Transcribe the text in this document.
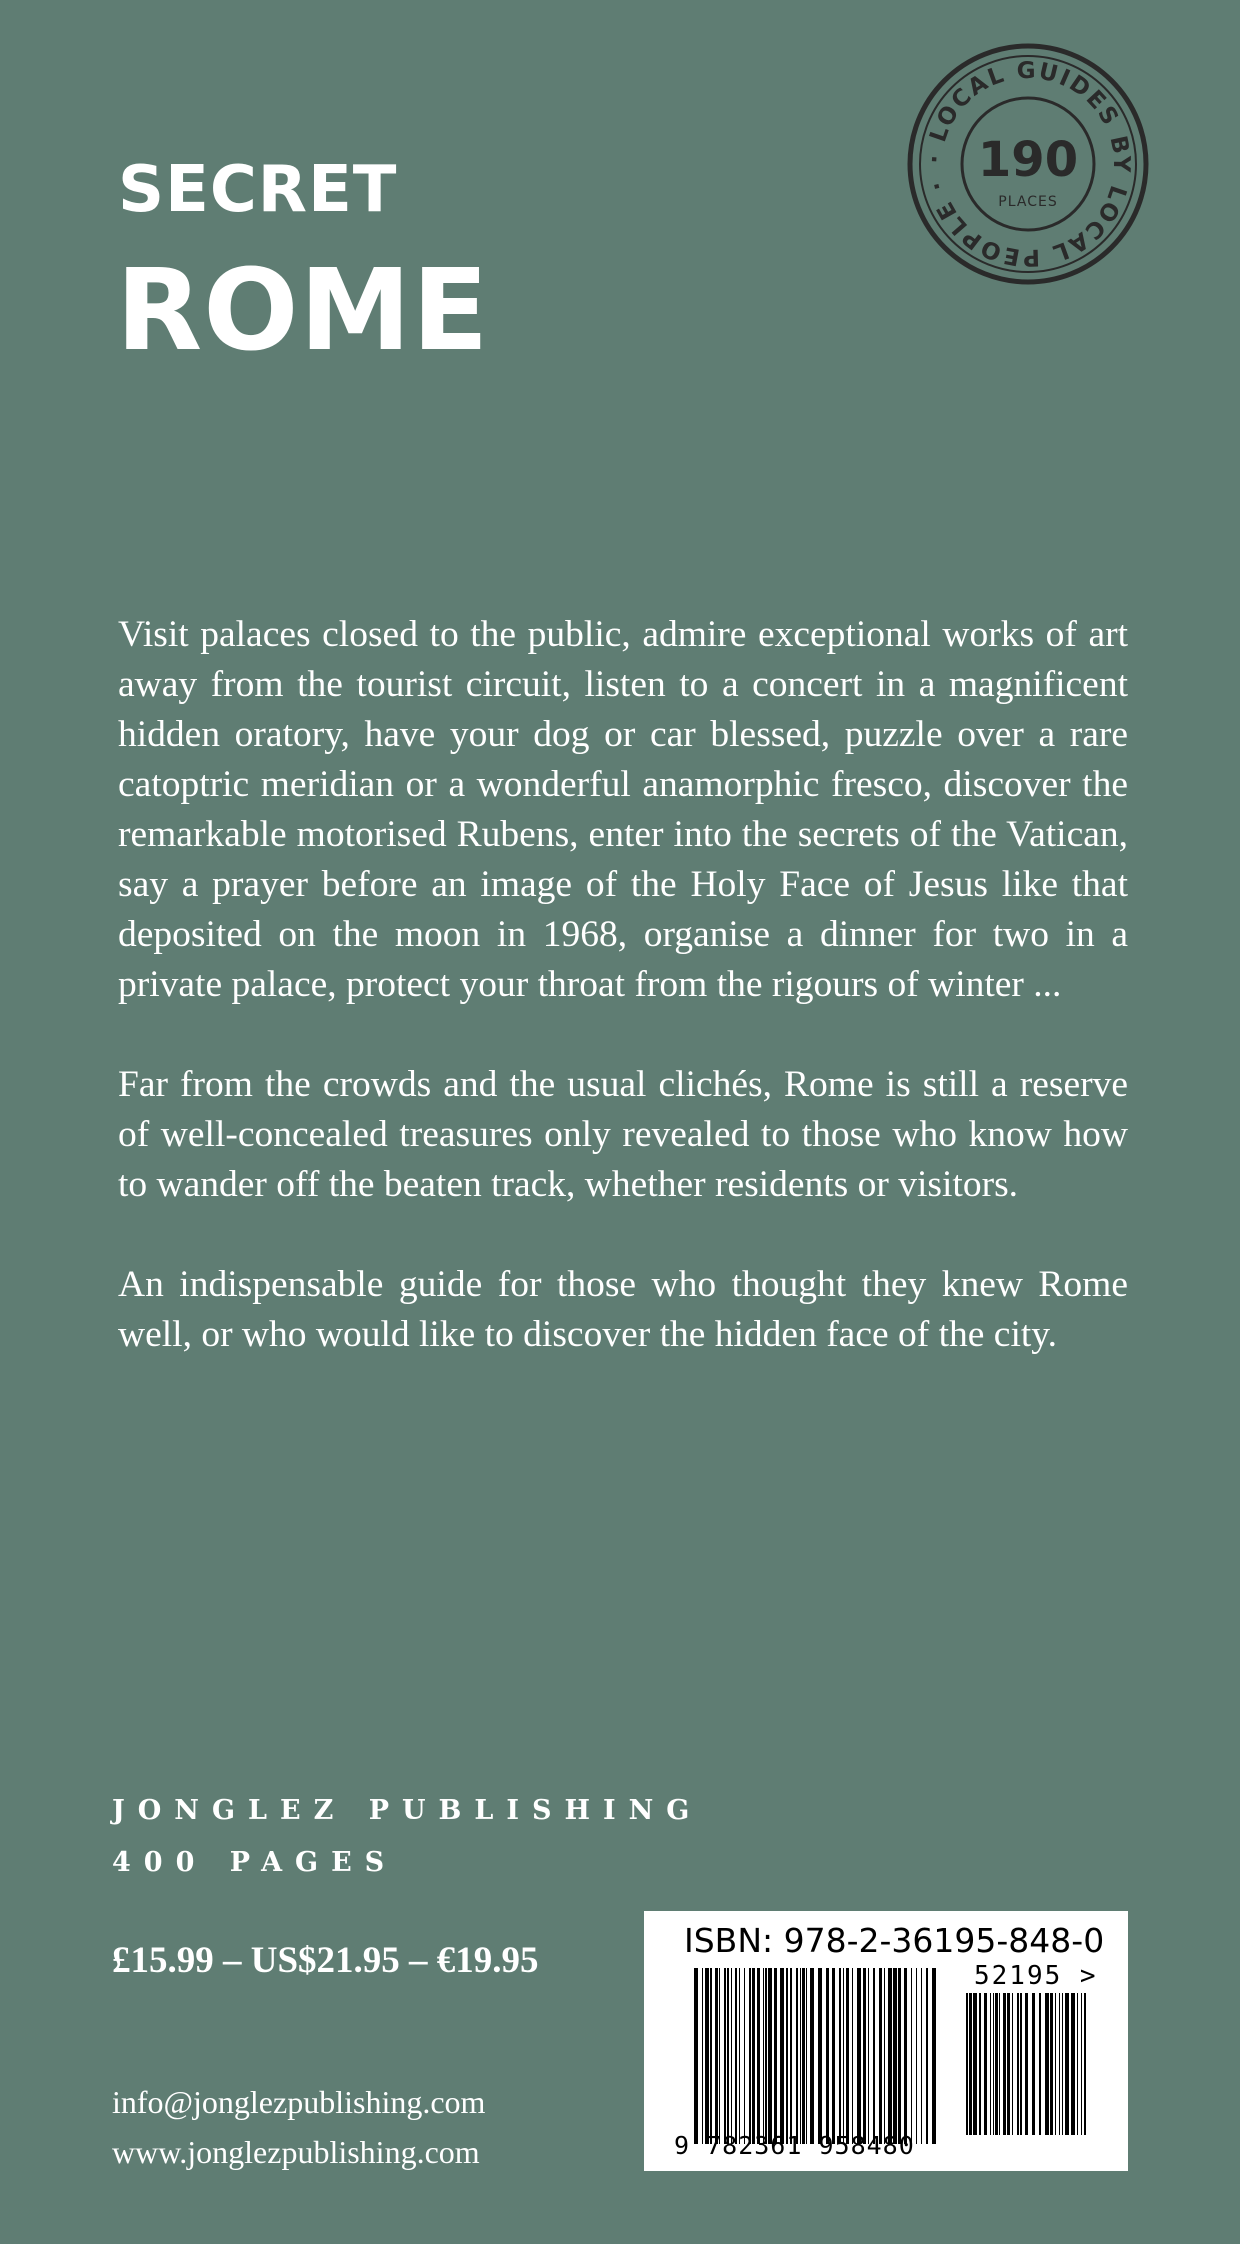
SECRET
ROME
· LOCAL GUIDES BY LOCAL PEOPLE · 190
PLACES

Visit palaces closed to the public, admire exceptional works of art away from the tourist circuit, listen to a concert in a magnificent hidden oratory, have your dog or car blessed, puzzle over a rare catoptric meridian or a wonderful anamorphic fresco, discover the remarkable motorised Rubens, enter into the secrets of the Vatican, say a prayer before an image of the Holy Face of Jesus like that deposited on the moon in 1968, organise a dinner for two in a private palace, protect your throat from the rigours of winter ...

Far from the crowds and the usual clichés, Rome is still a reserve of well-concealed treasures only revealed to those who know how to wander off the beaten track, whether residents or visitors.

An indispensable guide for those who thought they knew Rome well, or who would like to discover the hidden face of the city.

JONGLEZ PUBLISHING
400 PAGES
£15.99 – US$21.95 – €19.95
info@jonglezpublishing.com
www.jonglezpublishing.com
ISBN: 978-2-36195-848-0
52195 >
9 782361 958480
